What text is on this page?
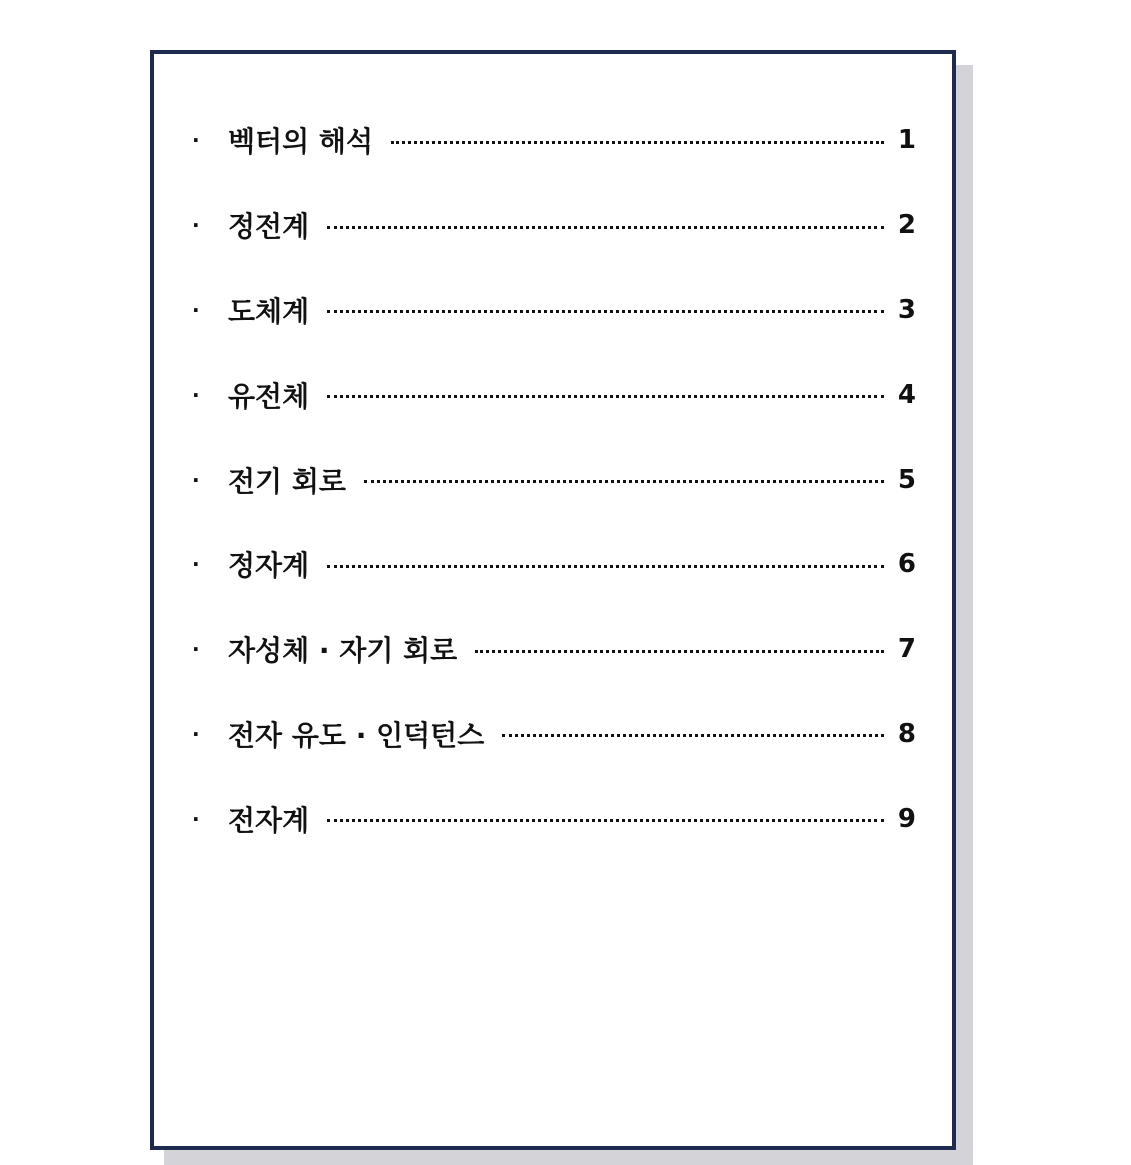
·	벡터의 해석	1
·	정전계	2
·	도체계	3
·	유전체	4
·	전기 회로	5
·	정자계	6
·	자성체 · 자기 회로	7
·	전자 유도 · 인덕턴스	8
·	전자계	9
